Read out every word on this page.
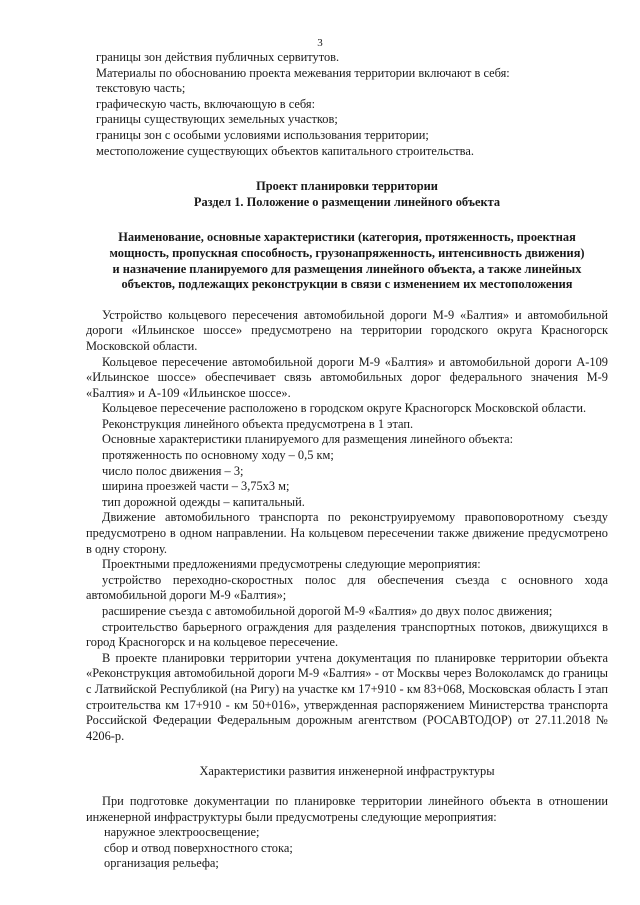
3
границы зон действия публичных сервитутов.
Материалы по обоснованию проекта межевания территории включают в себя:
текстовую часть;
графическую часть, включающую в себя:
границы существующих земельных участков;
границы зон с особыми условиями использования территории;
местоположение существующих объектов капитального строительства.

Проект планировки территории

Раздел 1. Положение о размещении линейного объекта

Наименование, основные характеристики (категория, протяженность, проектная

мощность, пропускная способность, грузонапряженность, интенсивность движения)

и назначение планируемого для размещения линейного объекта, а также линейных

объектов, подлежащих реконструкции в связи с изменением их местоположения

Устройство кольцевого пересечения автомобильной дороги М-9 «Балтия» и автомобильной дороги «Ильинское шоссе» предусмотрено на территории городского округа Красногорск Московской области.

Кольцевое пересечение автомобильной дороги М-9 «Балтия» и автомобильной дороги А-109 «Ильинское шоссе» обеспечивает связь автомобильных дорог федерального значения М-9 «Балтия» и А-109 «Ильинское шоссе».

Кольцевое пересечение расположено в городском округе Красногорск Московской области.

Реконструкция линейного объекта предусмотрена в 1 этап.

Основные характеристики планируемого для размещения линейного объекта:

протяженность по основному ходу – 0,5 км;

число полос движения – 3;

ширина проезжей части – 3,75х3 м;

тип дорожной одежды – капитальный.

Движение автомобильного транспорта по реконструируемому правоповоротному съезду предусмотрено в одном направлении. На кольцевом пересечении также движение предусмотрено в одну сторону.

Проектными предложениями предусмотрены следующие мероприятия:

устройство переходно-скоростных полос для обеспечения съезда с основного хода автомобильной дороги М-9 «Балтия»;

расширение съезда с автомобильной дорогой М-9 «Балтия» до двух полос движения;

строительство барьерного ограждения для разделения транспортных потоков, движущихся в город Красногорск и на кольцевое пересечение.

В проекте планировки территории учтена документация по планировке территории объекта «Реконструкция автомобильной дороги М-9 «Балтия» - от Москвы через Волоколамск до границы с Латвийской Республикой (на Ригу) на участке км 17+910 - км 83+068, Московская область I этап строительства км 17+910 - км 50+016», утвержденная распоряжением Министерства транспорта Российской Федерации Федеральным дорожным агентством (РОСАВТОДОР) от 27.11.2018 № 4206-р.

Характеристики развития инженерной инфраструктуры

При подготовке документации по планировке территории линейного объекта в отношении инженерной инфраструктуры были предусмотрены следующие мероприятия:

наружное электроосвещение;
сбор и отвод поверхностного стока;
организация рельефа;
